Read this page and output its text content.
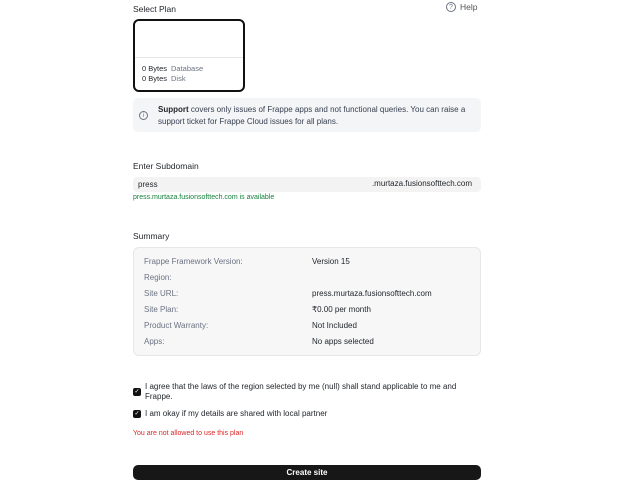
Select Plan	? Help
0 Bytes Database
0 Bytes Disk
i
Support covers only issues of Frappe apps and not functional queries. You can raise a support ticket for Frappe Cloud issues for all plans.
Enter Subdomain
press
.murtaza.fusionsofttech.com
press.murtaza.fusionsofttech.com is available
Summary
Frappe Framework Version:	Version 15
Region:
Site URL:	press.murtaza.fusionsofttech.com
Site Plan:	₹0.00 per month
Product Warranty:	Not Included
Apps:	No apps selected
✓
I agree that the laws of the region selected by me (null) shall stand applicable to me and Frappe.
✓ I am okay if my details are shared with local partner
You are not allowed to use this plan
Create site
